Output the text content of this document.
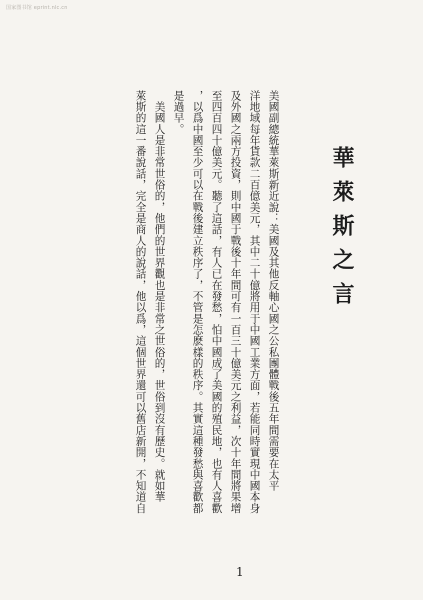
国家图书馆 eprint.nlc.cn
華萊斯之言
美國副總統華萊斯新近說：美國及其他反軸心國之公私團體戰後五年間需要在太平
洋地域每年貨款二百億美元，其中二十億將用于中國工業方面，若能同時實現中國本身
及外國之兩方投資，則中國于戰後十年間可有一百三十億美元之利益，次十年間將果增
至四百四十億美元。聽了這話，有人已在發愁，怕中國成了美國的殖民地，也有人喜歡
，以爲中國至少可以在戰後建立秩序了，不管是怎麽樣的秩序。其實這種發愁與喜歡都
是過早。
　美國人是非常世俗的，他們的世界觀也是非常之世俗的，世俗到沒有歷史。就如華
萊斯的這一番說話，完全是商人的說話，他以爲，這個世界還可以舊店新開，不知道自
1
